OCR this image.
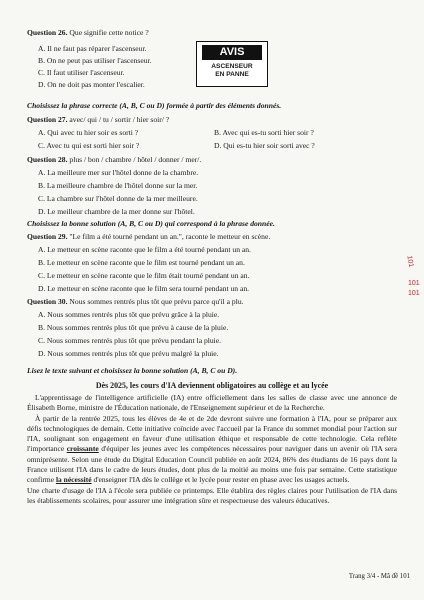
Question 26. Que signifie cette notice ?
A. Il ne faut pas réparer l'ascenseur.
B. On ne peut pas utiliser l'ascenseur.
C. Il faut utiliser l'ascenseur.
D. On ne doit pas monter l'escalier.
AVIS
ASCENSEUR
EN PANNE
Choisissez la phrase correcte (A, B, C ou D) formée à partir des éléments donnés.
Question 27. avec/ qui / tu / sortir / hier soir/ ?
A. Qui avec tu hier soir es sorti ?	B. Avec qui es-tu sorti hier soir ?
C. Avec tu qui est sorti hier soir ?	D. Qui es-tu hier soir sorti avec ?
Question 28. plus / bon / chambre / hôtel / donner / mer/.
A. La meilleure mer sur l'hôtel donne de la chambre.
B. La meilleure chambre de l'hôtel donne sur la mer.
C. La chambre sur l'hôtel donne de la mer meilleure.
D. Le meilleur chambre de la mer donne sur l'hôtel.
Choisissez la bonne solution (A, B, C ou D) qui correspond à la phrase donnée.
Question 29. "Le film a été tourné pendant un an.", raconte le metteur en scène.
A. Le metteur en scène raconte que le film a été tourné pendant un an.
B. Le metteur en scène raconte que le film est tourné pendant un an.
C. Le metteur en scène raconte que le film était tourné pendant un an.
D. Le metteur en scène raconte que le film sera tourné pendant un an.
Question 30. Nous sommes rentrés plus tôt que prévu parce qu'il a plu.
A. Nous sommes rentrés plus tôt que prévu grâce à la pluie.
B. Nous sommes rentrés plus tôt que prévu à cause de la pluie.
C. Nous sommes rentrés plus tôt que prévu pendant la pluie.
D. Nous sommes rentrés plus tôt que prévu malgré la pluie.
Lisez le texte suivant et choisissez la bonne solution (A, B, C ou D).
Dès 2025, les cours d'IA deviennent obligatoires au collège et au lycée

L'apprentissage de l'intelligence artificielle (IA) entre officiellement dans les salles de classe avec une annonce de Élisabeth Borne, ministre de l'Éducation nationale, de l'Enseignement supérieur et de la Recherche.

À partir de la rentrée 2025, tous les élèves de 4e et de 2de devront suivre une formation à l'IA, pour se préparer aux défis technologiques de demain. Cette initiative coïncide avec l'accueil par la France du sommet mondial pour l'action sur l'IA, soulignant son engagement en faveur d'une utilisation éthique et responsable de cette technologie. Cela reflète l'importance croissante d'équiper les jeunes avec les compétences nécessaires pour naviguer dans un avenir où l'IA sera omniprésente. Selon une étude du Digital Education Council publiée en août 2024, 86% des étudiants de 16 pays dont la France utilisent l'IA dans le cadre de leurs études, dont plus de la moitié au moins une fois par semaine. Cette statistique confirme la nécessité d'enseigner l'IA dès le collège et le lycée pour rester en phase avec les usages actuels.

Une charte d'usage de l'IA à l'école sera publiée ce printemps. Elle établira des règles claires pour l'utilisation de l'IA dans les établissements scolaires, pour assurer une intégration sûre et respectueuse des valeurs éducatives.

Trang 3/4 - Mã đề 101
101
101
101
